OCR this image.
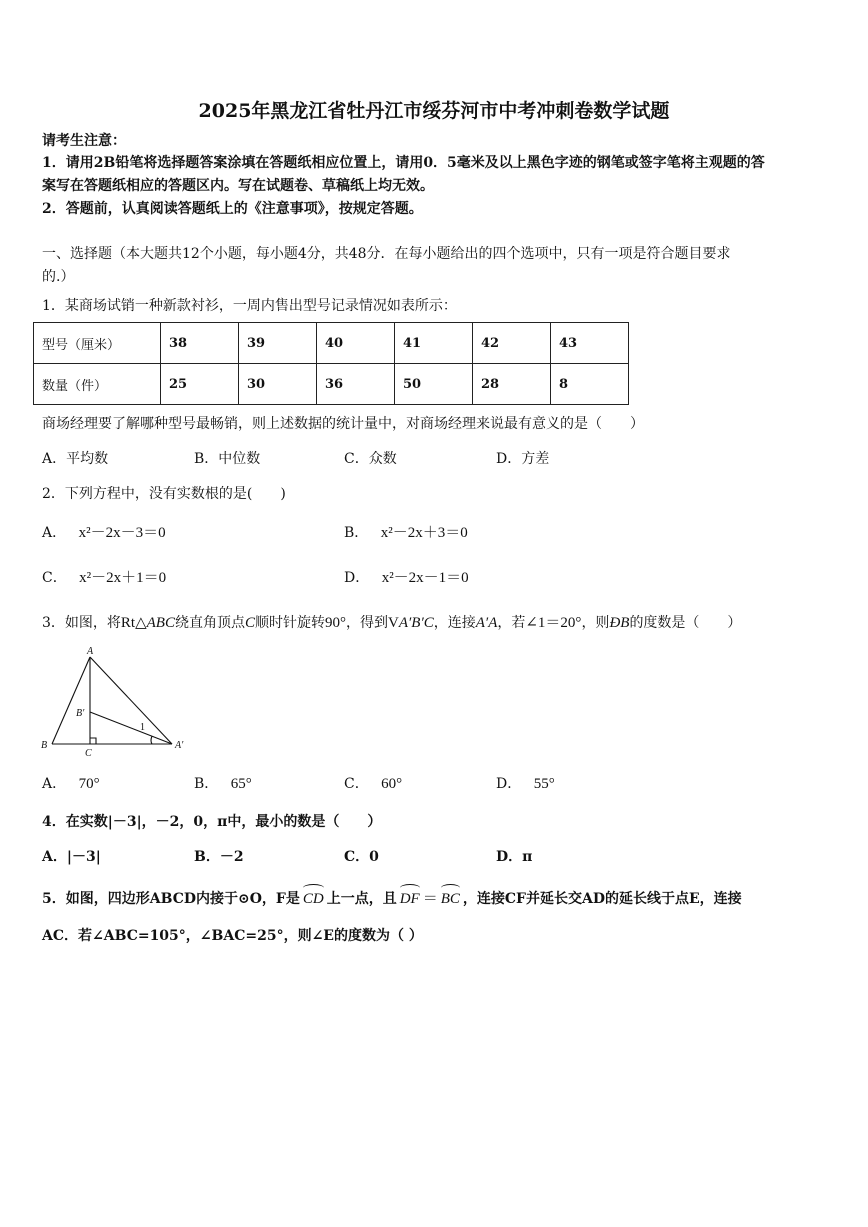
2025年黑龙江省牡丹江市绥芬河市中考冲刺卷数学试题
请考生注意：
1．请用2B铅笔将选择题答案涂填在答题纸相应位置上，请用0．5毫米及以上黑色字迹的钢笔或签字笔将主观题的答
案写在答题纸相应的答题区内。写在试题卷、草稿纸上均无效。
2．答题前，认真阅读答题纸上的《注意事项》，按规定答题。
一、选择题（本大题共12个小题，每小题4分，共48分．在每小题给出的四个选项中，只有一项是符合题目要求
的.）
1．某商场试销一种新款衬衫，一周内售出型号记录情况如表所示：
型号（厘米）	38	39	40	41	42	43
数量（件）	25	30	36	50	28	8
商场经理要了解哪种型号最畅销，则上述数据的统计量中，对商场经理来说最有意义的是（　　）
A．平均数	B．中位数	C．众数	D．方差
2．下列方程中，没有实数根的是(　　)
A． x²－2x－3＝0	B． x²－2x＋3＝0
C． x²－2x＋1＝0	D． x²－2x－1＝0
3．如图，将Rt△ABC绕直角顶点C顺时针旋转90°，得到VA′B′C，连接A′A，若∠1＝20°，则ÐB的度数是（　　）
A
B′
1
B
C
A′
A． 70°	B． 65°	C． 60°	D． 55°
4．在实数|－3|，－2，0，π中，最小的数是（　　）
A．|－3|	B．－2	C．0	D．π
5．如图，四边形ABCD内接于⊙O，F是 CD 上一点，且 DF ＝ BC ，连接CF并延长交AD的延长线于点E，连接
AC．若∠ABC=105°，∠BAC=25°，则∠E的度数为（ ）
